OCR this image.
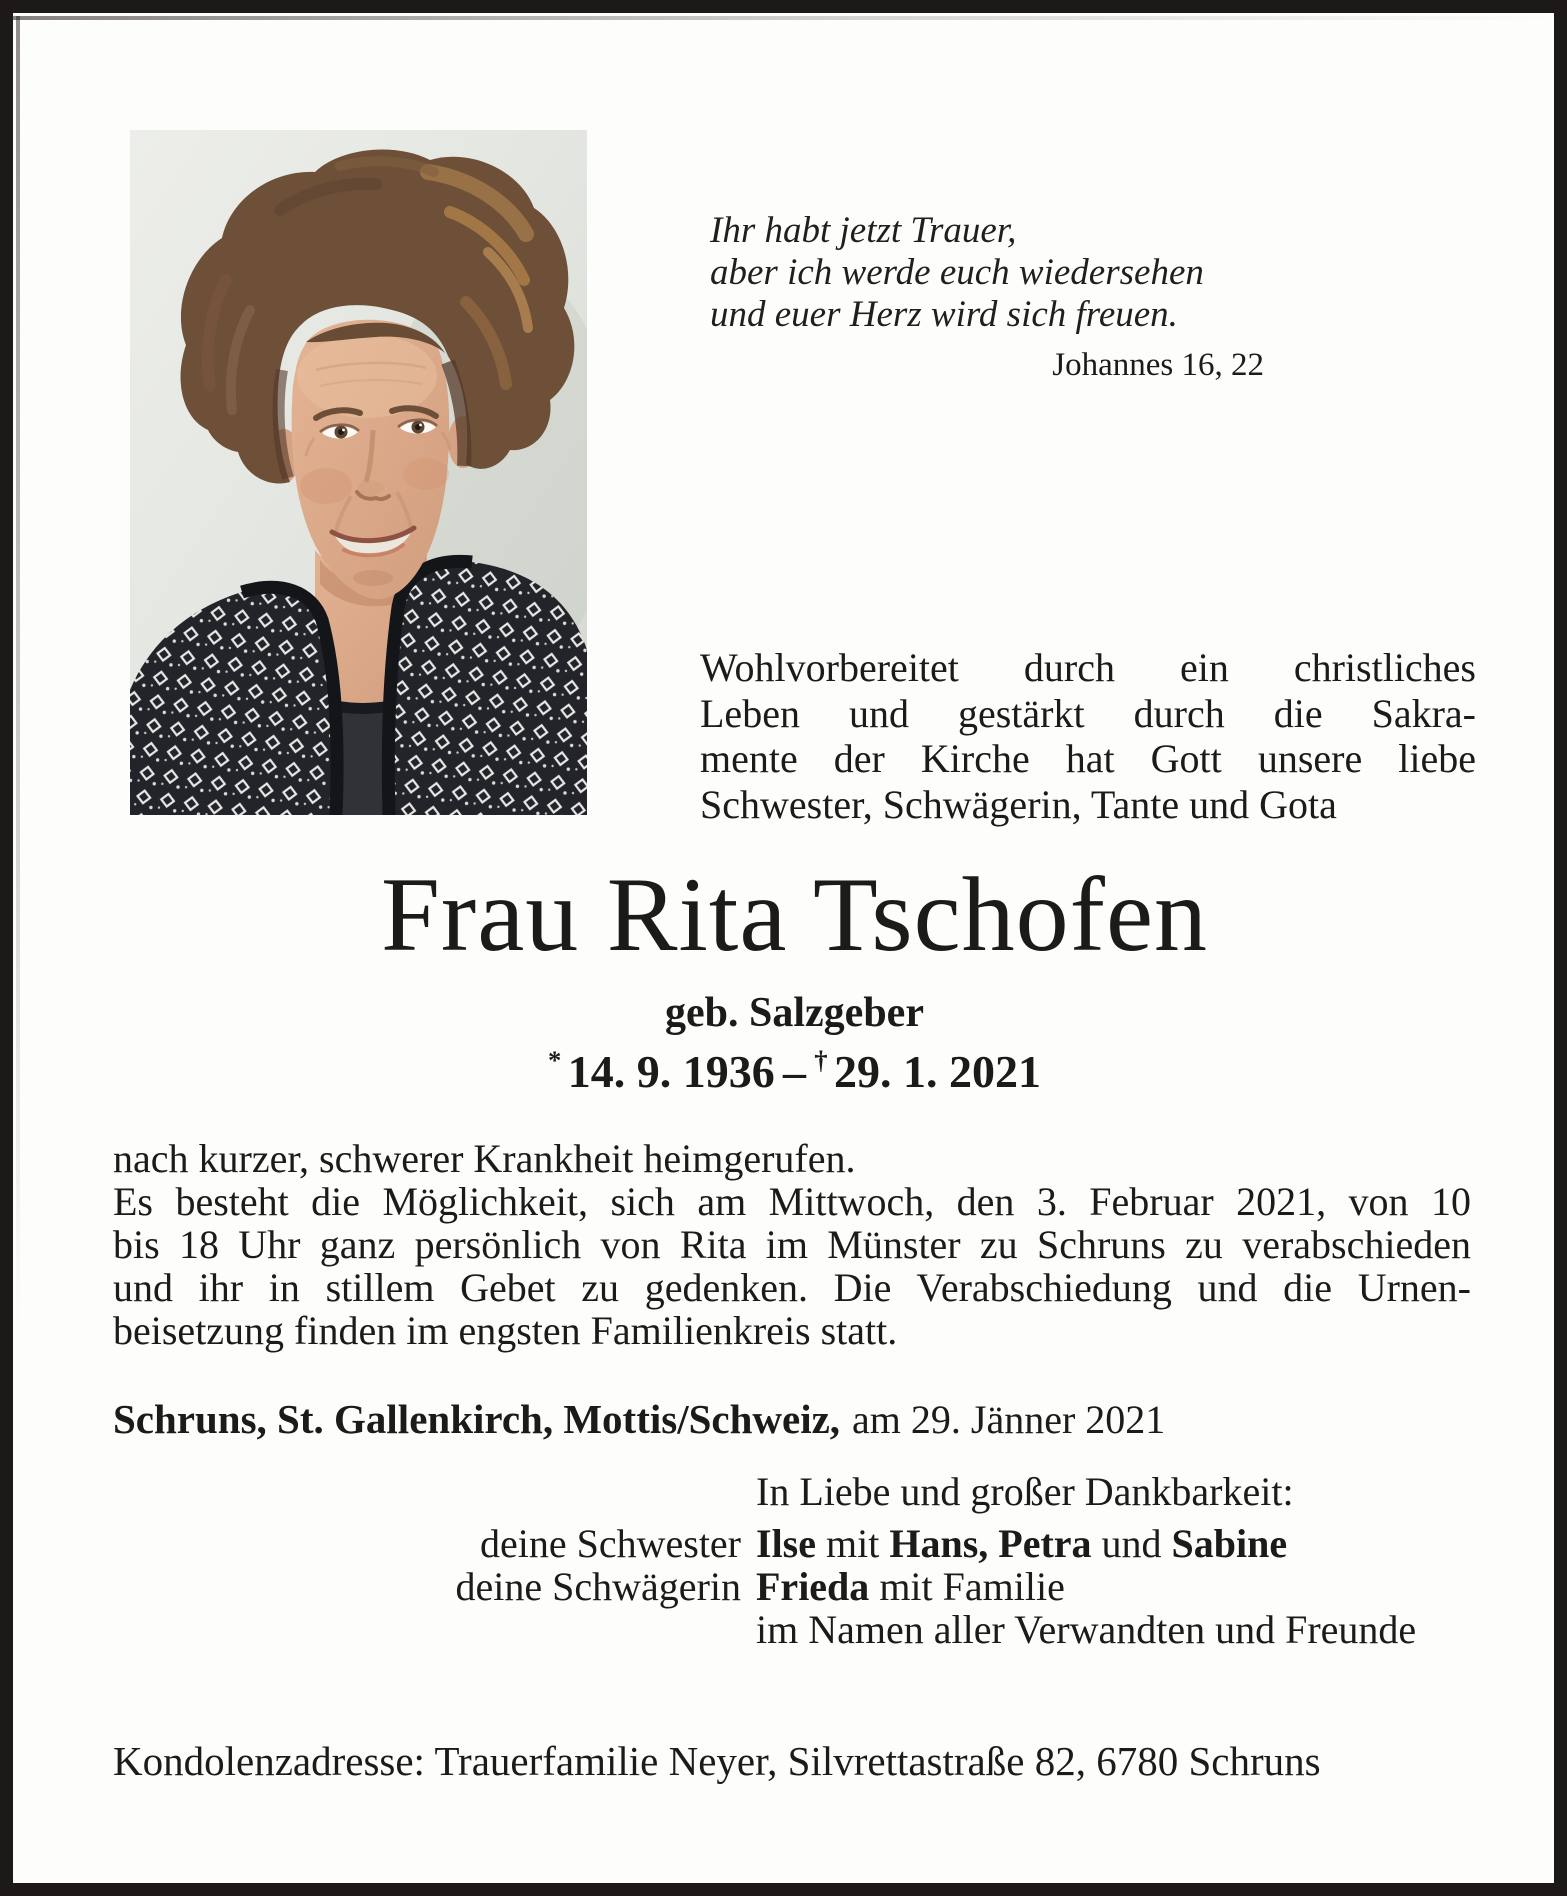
Ihr habt jetzt Trauer,
aber ich werde euch wiedersehen
und euer Herz wird sich freuen.
Johannes 16, 22
Wohlvorbereitet durch ein christliches
Leben und gestärkt durch die Sakra-
mente der Kirche hat Gott unsere liebe
Schwester, Schwägerin, Tante und Gota
Frau Rita Tschofen
geb. Salzgeber
* 14. 9. 1936 – † 29. 1. 2021
nach kurzer, schwerer Krankheit heimgerufen.
Es besteht die Möglichkeit, sich am Mittwoch, den 3. Februar 2021, von 10
bis 18 Uhr ganz persönlich von Rita im Münster zu Schruns zu verabschieden
und ihr in stillem Gebet zu gedenken. Die Verabschiedung und die Urnen-
beisetzung finden im engsten Familienkreis statt.
Schruns, St. Gallenkirch, Mottis/Schweiz, am 29. Jänner 2021
In Liebe und großer Dankbarkeit:
deine Schwester Ilse mit Hans, Petra und Sabine
deine Schwägerin Frieda mit Familie
im Namen aller Verwandten und Freunde
Kondolenzadresse: Trauerfamilie Neyer, Silvrettastraße 82, 6780 Schruns
